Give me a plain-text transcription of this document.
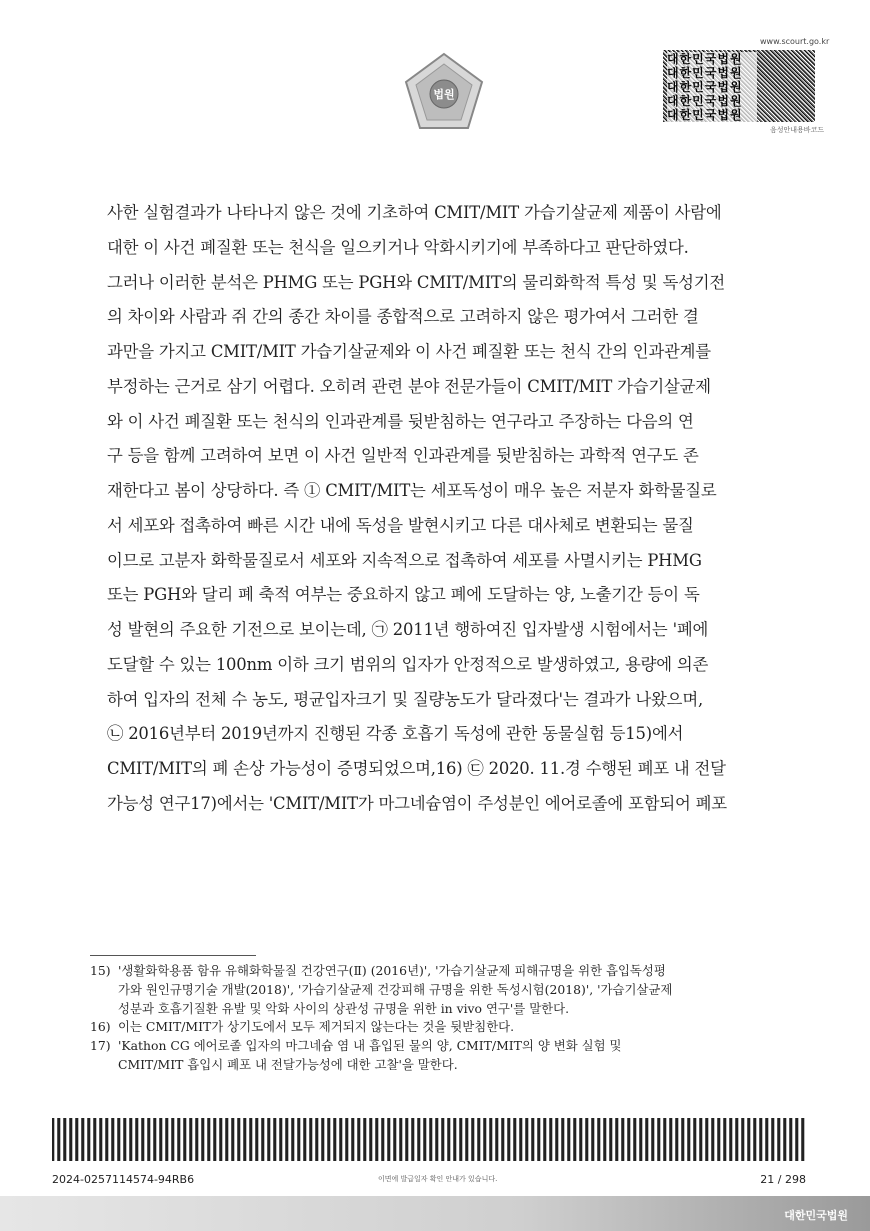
법원
www.scourt.go.kr
대한민국법원
대한민국법원
대한민국법원
대한민국법원
대한민국법원
음성안내용바코드
사한 실험결과가 나타나지 않은 것에 기초하여 CMIT/MIT 가습기살균제 제품이 사람에
대한 이 사건 폐질환 또는 천식을 일으키거나 악화시키기에 부족하다고 판단하였다.
그러나 이러한 분석은 PHMG 또는 PGH와 CMIT/MIT의 물리화학적 특성 및 독성기전
의 차이와 사람과 쥐 간의 종간 차이를 종합적으로 고려하지 않은 평가여서 그러한 결
과만을 가지고 CMIT/MIT 가습기살균제와 이 사건 폐질환 또는 천식 간의 인과관계를
부정하는 근거로 삼기 어렵다. 오히려 관련 분야 전문가들이 CMIT/MIT 가습기살균제
와 이 사건 폐질환 또는 천식의 인과관계를 뒷받침하는 연구라고 주장하는 다음의 연
구 등을 함께 고려하여 보면 이 사건 일반적 인과관계를 뒷받침하는 과학적 연구도 존
재한다고 봄이 상당하다. 즉 ① CMIT/MIT는 세포독성이 매우 높은 저분자 화학물질로
서 세포와 접촉하여 빠른 시간 내에 독성을 발현시키고 다른 대사체로 변환되는 물질
이므로 고분자 화학물질로서 세포와 지속적으로 접촉하여 세포를 사멸시키는 PHMG
또는 PGH와 달리 폐 축적 여부는 중요하지 않고 폐에 도달하는 양, 노출기간 등이 독
성 발현의 주요한 기전으로 보이는데, ㉠ 2011년 행하여진 입자발생 시험에서는 '폐에
도달할 수 있는 100nm 이하 크기 범위의 입자가 안정적으로 발생하였고, 용량에 의존
하여 입자의 전체 수 농도, 평균입자크기 및 질량농도가 달라졌다'는 결과가 나왔으며,
㉡ 2016년부터 2019년까지 진행된 각종 호흡기 독성에 관한 동물실험 등15)에서
CMIT/MIT의 폐 손상 가능성이 증명되었으며,16) ㉢ 2020. 11.경 수행된 폐포 내 전달
가능성 연구17)에서는 'CMIT/MIT가 마그네슘염이 주성분인 에어로졸에 포함되어 폐포
15) '생활화학용품 함유 유해화학물질 건강연구(Ⅱ) (2016년)', '가습기살균제 피해규명을 위한 흡입독성평
가와 원인규명기술 개발(2018)', '가습기살균제 건강피해 규명을 위한 독성시험(2018)', '가습기살균제
성분과 호흡기질환 유발 및 악화 사이의 상관성 규명을 위한 in vivo 연구'를 말한다.
16) 이는 CMIT/MIT가 상기도에서 모두 제거되지 않는다는 것을 뒷받침한다.
17) 'Kathon CG 에어로졸 입자의 마그네슘 염 내 흡입된 물의 양, CMIT/MIT의 양 변화 실험 및
CMIT/MIT 흡입시 폐포 내 전달가능성에 대한 고찰'을 말한다.
2024-0257114574-94RB6	이면에 발급일자 확인 안내가 있습니다.	21 / 298
대한민국법원
